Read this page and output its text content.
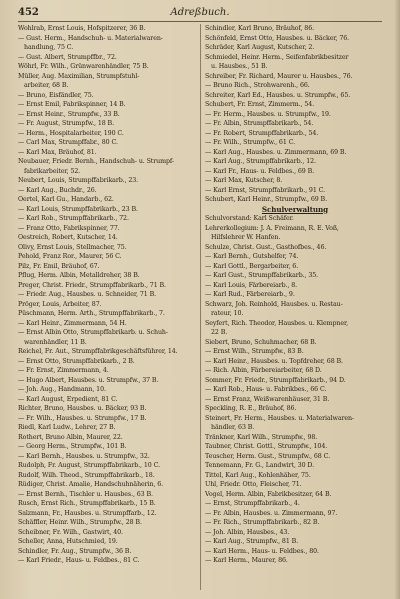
452	Adreßbuch.
Wohlrab, Ernst Louis, Hofspitzerer, 36 B.
— Gust. Herm., Handschuh- u. Materialwaren-
handlung, 75 C.
— Gust. Albert, Strumpffbr., 72.
Wöhrl, Fr. Wilh., Grünwarenhändler, 75 B.
Müller, Aug. Maximilian, Strumpfstuhl-
arbeiter, 68 B.
— Bruno, Eisfändler, 75.
— Ernst Emil, Fabrikspinner, 14 B.
— Ernst Heinr., Strumpfw., 33 B.
— Fr. August, Strumpfw., 18 B.
— Herm., Hospitalarbeiter, 190 C.
— Carl Max, Strumpffabr., 80 C.
— Karl Max, Bräuhof, 81.
Neubauer, Friedr. Bernh., Handschuh- u. Strumpf-
fabrikarbeiter, 52.
Neubert, Louis, Strumpffabrikarb., 23.
— Karl Aug., Buchdr., 26.
Oertel, Karl Gu., Handarb., 62.
— Karl Louis, Strumpffabrikarb., 23 B.
— Karl Rob., Strumpffabrikarb., 72.
— Franz Otto, Fabrikspinner, 77.
Oestreich, Robert, Kutscher, 14.
Olivy, Ernst Louis, Stellmacher, 75.
Pehold, Franz Ror., Maurer, 56 C.
Pilz, Fr. Emil, Bräuhof, 67.
Pflug, Herm. Albin, Metalldreher, 38 B.
Preger, Christ. Friedr., Strumpffabrikarb., 71 B.
— Friedr. Aug., Hausbes. u. Schneider, 71 B.
Pröger, Louis, Arbeiter, 87.
Püschmann, Herm. Arth., Strumpffabrikarb., 7.
— Karl Heinr., Zimmermann, 54 H.
— Ernst Albin Otto, Strumpffabrikarb. u. Schuh-
warenhändler, 11 B.
Reichel, Fr. Aut., Strumpffabrikgeschäftsführer, 14.
— Ernst Otto, Strumpffabrikarb., 2 B.
— Fr. Ernst, Zimmermann, 4.
— Hugo Albert, Hausbes. u. Strumpfw., 37 B.
— Joh. Aug., Handmann, 10.
— Karl August, Erpedient, 81 C.
Richter, Bruno, Hausbes. u. Bäcker, 93 B.
— Fr. Wilh., Hausbes. u. Strumpfw., 17 B.
Riedl, Karl Ludw., Lehrer, 27 B.
Rothert, Bruno Albin, Maurer, 22.
— Georg Herm., Strumpfw., 101 B.
— Karl Bernh., Hausbes. u. Strumpfw., 32.
Rudolph, Fr. August, Strumpffabrikarb., 10 C.
Rudolf, Wilh. Theod., Strumpffabrikarb., 18.
Rüdiger, Christ. Amalie, Handschuhnäherin, 6.
— Ernst Bernh., Tischler u. Hausbes., 63 B.
Rusch, Ernst Rich., Strumpffabrikarb., 15 B.
Salzmann, Fr., Hausbes. u. Strumpffarb., 12.
Schäffler, Heinr. Wilh., Strumpfw., 28 B.
Scheibner, Fr. Wilh., Gastwirt, 40.
Scheller, Anna, Hutschmied, 19.
Schindler, Fr. Aug., Strumpfw., 36 B.
— Karl Friedr., Haus- u. Feldbes., 81 C.
Schindler, Karl Bruno, Bräuhof, 86.
Schönfeld, Ernst Otto, Hausbes. u. Bäcker, 76.
Schräder, Karl August, Kutscher, 2.
Schmiedel, Heinr. Herm., Seifenfabrikbesitzer
u. Hausbes., 51 B.
Schreiber, Fr. Richard, Maurer u. Hausbes., 76.
— Bruno Rich., Strohwarenh., 66.
Schreiter, Karl Ed., Hausbes. u. Strumpfw., 65.
Schubert, Fr. Ernst, Zimmerm., 54.
— Fr. Herm., Hausbes. u. Strumpfw., 19.
— Fr. Albin, Strumpffabrikarb., 54.
— Fr. Robert, Strumpffabrikarb., 54.
— Fr. Wilh., Strumpfw., 61 C.
— Karl Aug., Hausbes. u. Zimmermann, 69 B.
— Karl Aug., Strumpffabrikarb., 12.
— Karl Fr., Haus- u. Feldbes., 69 B.
— Karl Max, Kutscher, 8.
— Karl Ernst, Strumpffabrikarb., 91 C.
Schubert, Karl Heinr., Strumpfw., 69 B.
Schulverwaltung
Schulvorstand: Karl Schäfer.
Lehrerkollegium: J. A. Freimann, R. E. Voß,
Hilfslehrer W. Hanfen.
Schulze, Christ. Gust., Gasthofbes., 46.
— Karl Bernh., Gutshelfer, 74.
— Karl Gottl., Bergarbeiter, 6.
— Karl Gust., Strumpffabrikarb., 35.
— Karl Louis, Färbereiarb., 8.
— Karl Rud., Färbereiarb., 9.
Schwarz, Joh. Reinhold, Hausbes. u. Restau-
rateur, 10.
Seyfert, Rich. Theodor, Hausbes. u. Klempner,
22 B.
Siebert, Bruno, Schuhmacher, 68 B.
— Ernst Wilh., Strumpfw., 83 B.
— Karl Heinr., Hausbes. u. Topfdreher, 68 B.
— Rich. Albin, Färbereiarbeiter, 68 D.
Sommer, Fr. Friedr., Strumpffabrikarb., 94 D.
— Karl Rob., Haus- u. Fabrikbes., 66 C.
— Ernst Franz, Weißwarenhäuser, 31 B.
Speckling, R. E., Bräuhof, 86.
Steinert, Fr. Herm., Hausbes. u. Materialwaren-
händler, 63 B.
Tränkner, Karl Wilh., Strumpfw., 98.
Taubner, Christ. Gottl., Strumpfw., 104.
Teuscher, Herm. Gust., Strumpfw., 68 C.
Tennemann, Fr. G., Landwirt, 30 D.
Tittel, Karl Aug., Kohlenhäher, 75.
Uhl, Friedr. Otto, Fleischer, 71.
Vogel, Herm. Albin, Fabrikbesitzer, 64 B.
— Ernst, Strumpffabrikarb., 4.
— Fr. Albin, Hausbes. u. Zimmermann, 97.
— Fr. Rich., Strumpffabrikarb., 82 B.
— Joh. Albin, Hausbes., 43.
— Karl Aug., Strumpfw., 81 B.
— Karl Herm., Haus- u. Feldbes., 80.
— Karl Herm., Maurer, 86.
